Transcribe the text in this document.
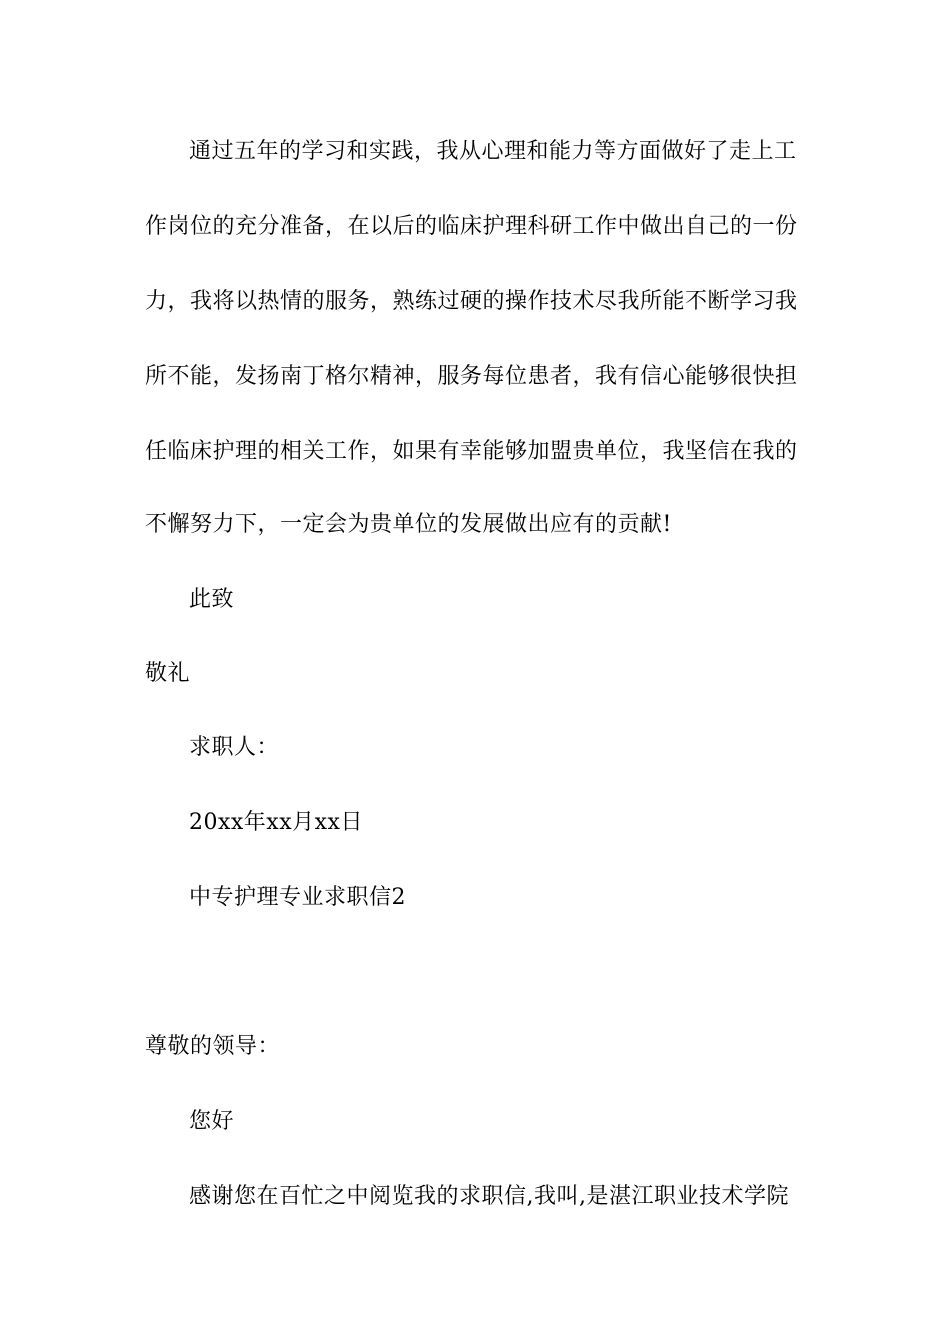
通过五年的学习和实践，我从心理和能力等方面做好了走上工
作岗位的充分准备，在以后的临床护理科研工作中做出自己的一份
力，我将以热情的服务，熟练过硬的操作技术尽我所能不断学习我
所不能，发扬南丁格尔精神，服务每位患者，我有信心能够很快担
任临床护理的相关工作，如果有幸能够加盟贵单位，我坚信在我的
不懈努力下，一定会为贵单位的发展做出应有的贡献!
此致
敬礼
求职人：
20xx年xx月xx日
中专护理专业求职信2
尊敬的领导：
您好
感谢您在百忙之中阅览我的求职信,我叫,是湛江职业技术学院
